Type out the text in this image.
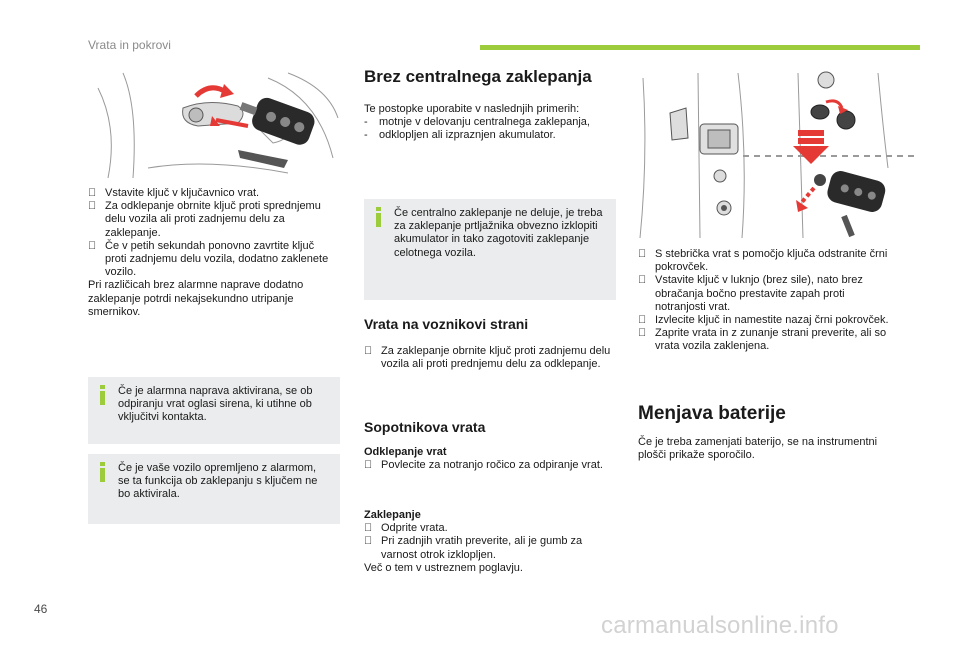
Vrata in pokrovi
Vstavite ključ v ključavnico vrat.
Za odklepanje obrnite ključ proti sprednjemu delu vozila ali proti zadnjemu delu za zaklepanje.
Če v petih sekundah ponovno zavrtite ključ proti zadnjemu delu vozila, dodatno zaklenete vozilo.

Pri različicah brez alarmne naprave dodatno zaklepanje potrdi nekajsekundno utripanje smernikov.

Če je alarmna naprava aktivirana, se ob odpiranju vrat oglasi sirena, ki utihne ob vključitvi kontakta.
Če je vaše vozilo opremljeno z alarmom, se ta funkcija ob zaklepanju s ključem ne bo aktivirala.
Brez centralnega zaklepanja

Te postopke uporabite v naslednjih primerih:

- motnje v delovanju centralnega zaklepanja,
- odklopljen ali izpraznjen akumulator.
Če centralno zaklepanje ne deluje, je treba za zaklepanje prtljažnika obvezno izklopiti akumulator in tako zagotoviti zaklepanje celotnega vozila.
Vrata na voznikovi strani
Za zaklepanje obrnite ključ proti zadnjemu delu vozila ali proti prednjemu delu za odklepanje.
Sopotnikova vrata

Odklepanje vrat

Povlecite za notranjo ročico za odpiranje vrat.

Zaklepanje

Odprite vrata.
Pri zadnjih vratih preverite, ali je gumb za varnost otrok izklopljen.

Več o tem v ustreznem poglavju.

S stebrička vrat s pomočjo ključa odstranite črni pokrovček.
Vstavite ključ v luknjo (brez sile), nato brez obračanja bočno prestavite zapah proti notranjosti vrat.
Izvlecite ključ in namestite nazaj črni pokrovček.
Zaprite vrata in z zunanje strani preverite, ali so vrata vozila zaklenjena.
Menjava baterije

Če je treba zamenjati baterijo, se na instrumentni plošči prikaže sporočilo.

46
carmanualsonline.info
